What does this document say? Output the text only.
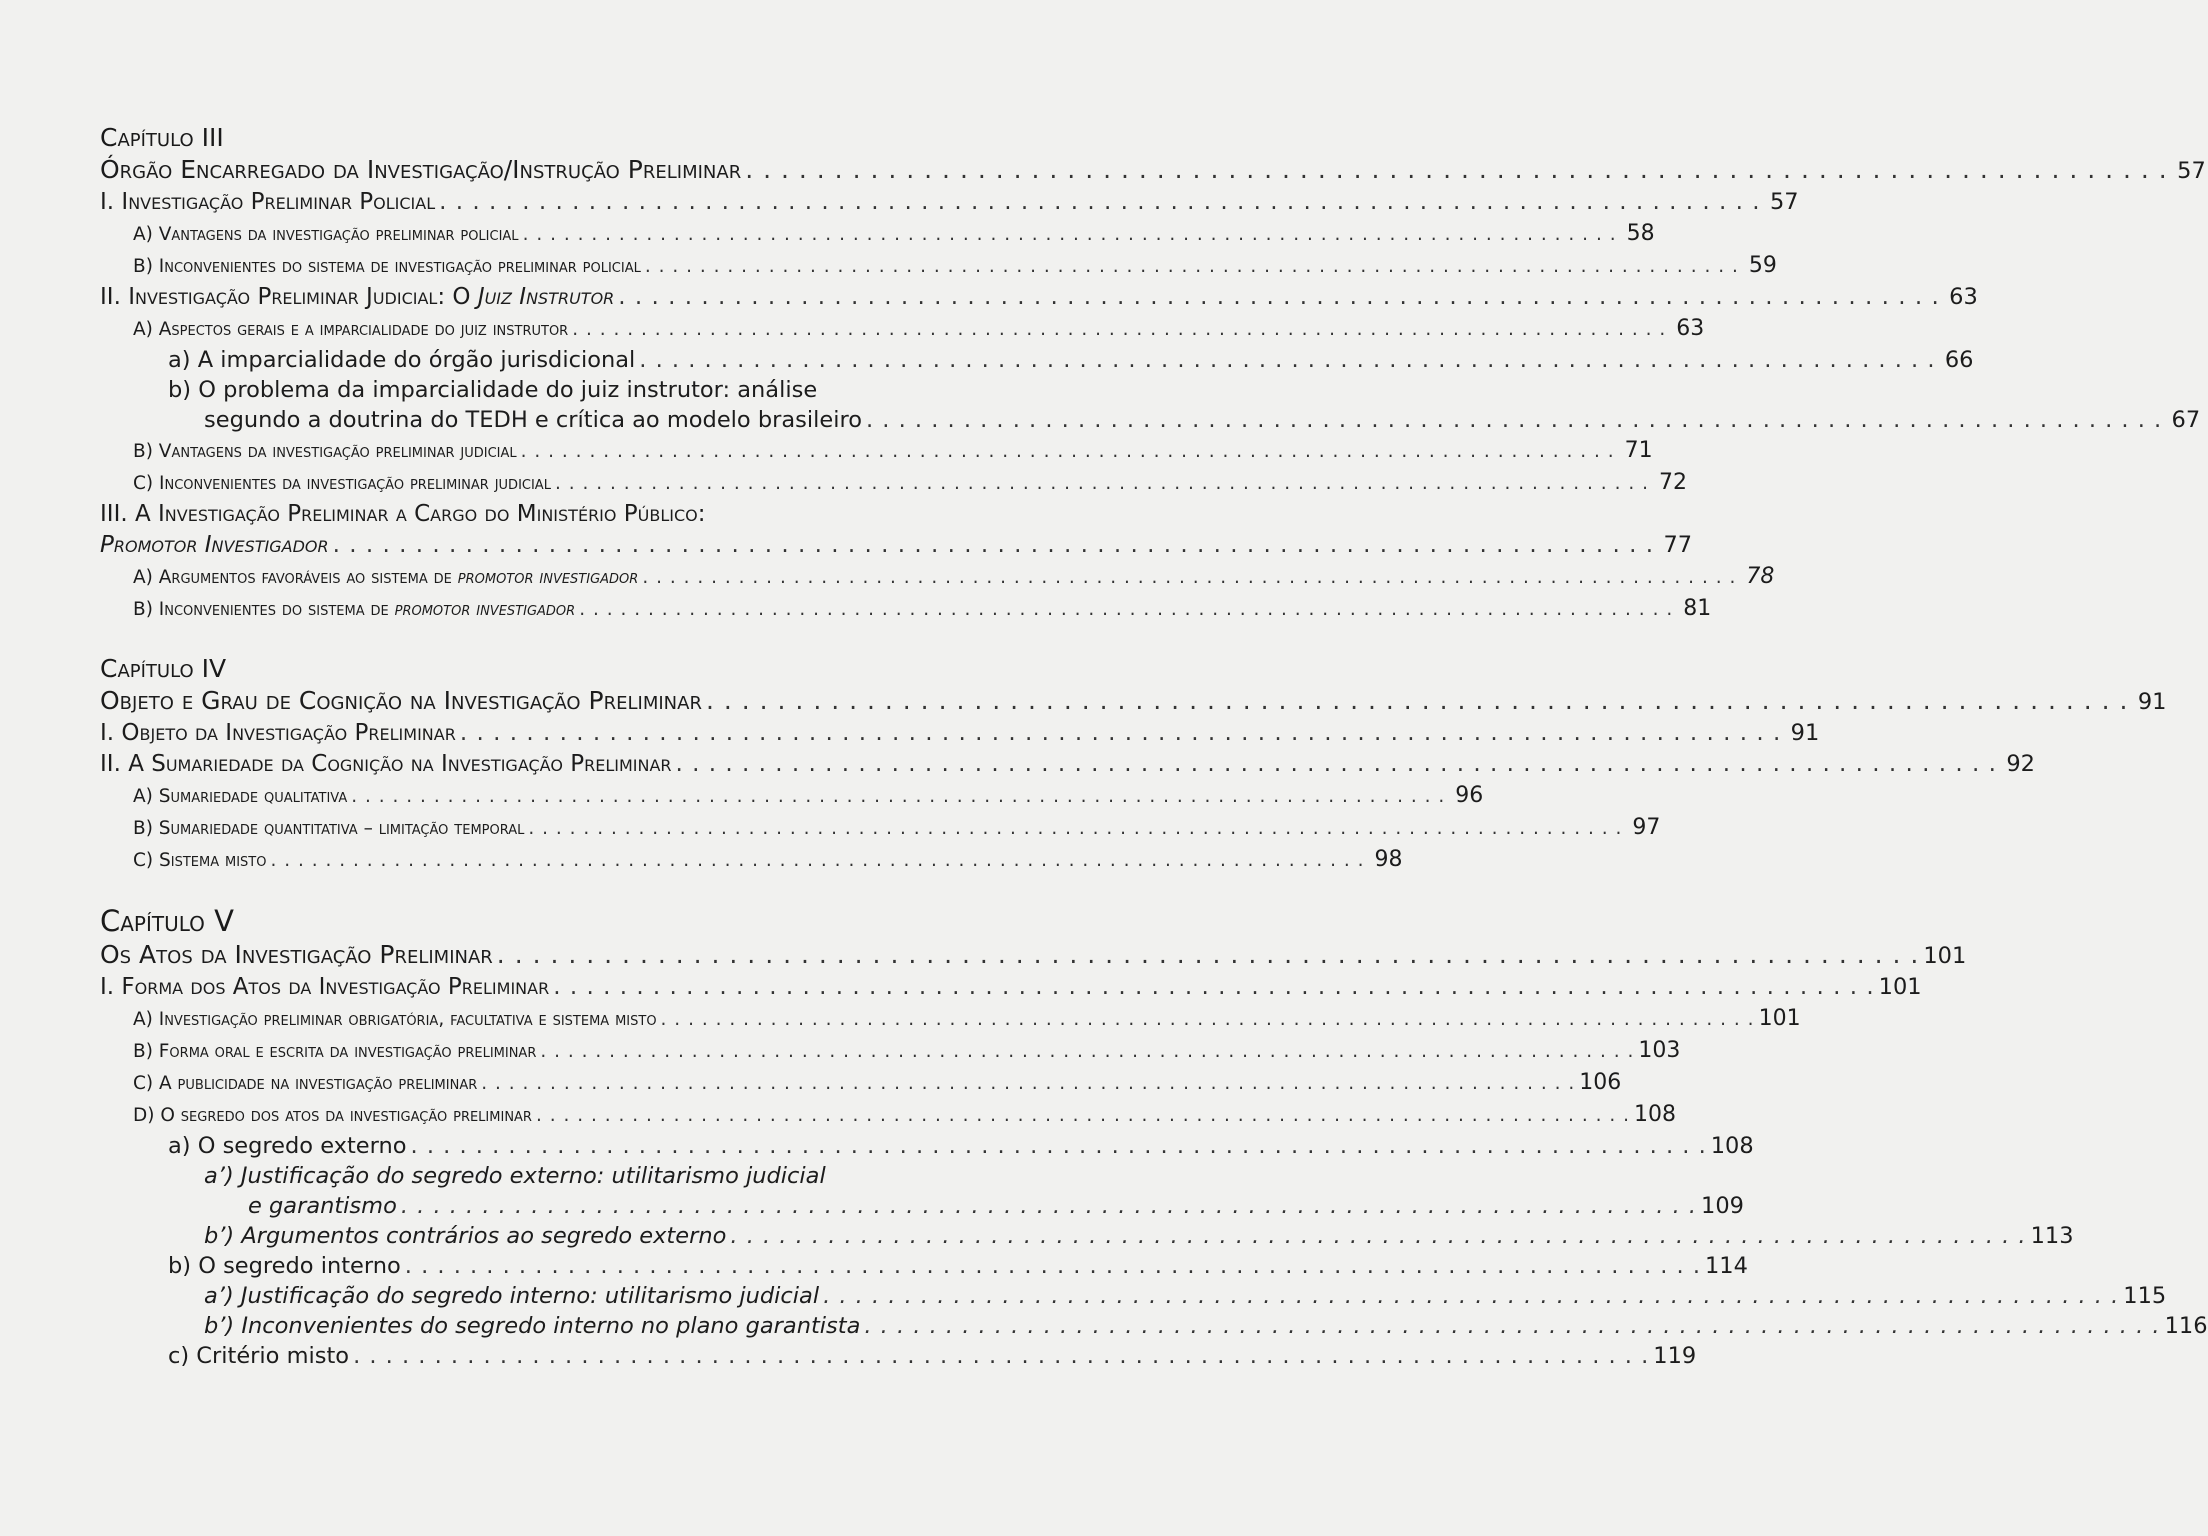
Capítulo III
Órgão Encarregado da Investigação/Instrução Preliminar . . .	57
I. Investigação Preliminar Policial . . .	57
A) Vantagens da investigação preliminar policial . . .	58
B) Inconvenientes do sistema de investigação preliminar policial . . .	59
II. Investigação Preliminar Judicial: O Juiz Instrutor . . .	63
A) Aspectos gerais e a imparcialidade do juiz instrutor . . .	63
a) A imparcialidade do órgão jurisdicional . . .	66
b) O problema da imparcialidade do juiz instrutor: análise
segundo a doutrina do TEDH e crítica ao modelo brasileiro . . .	67
B) Vantagens da investigação preliminar judicial . . .	71
C) Inconvenientes da investigação preliminar judicial . . .	72
III. A Investigação Preliminar a Cargo do Ministério Público:
Promotor Investigador . . .	77
A) Argumentos favoráveis ao sistema de promotor investigador . . .	78
B) Inconvenientes do sistema de promotor investigador . . .	81
Capítulo IV
Objeto e Grau de Cognição na Investigação Preliminar . . .	91
I. Objeto da Investigação Preliminar . . .	91
II. A Sumariedade da Cognição na Investigação Preliminar . . .	92
A) Sumariedade qualitativa . . .	96
B) Sumariedade quantitativa – limitação temporal . . .	97
C) Sistema misto . . .	98
Capítulo V
Os Atos da Investigação Preliminar . . .	101
I. Forma dos Atos da Investigação Preliminar . . .	101
A) Investigação preliminar obrigatória, facultativa e sistema misto . . .	101
B) Forma oral e escrita da investigação preliminar . . .	103
C) A publicidade na investigação preliminar . . .	106
D) O segredo dos atos da investigação preliminar . . .	108
a) O segredo externo . . .	108
a’) Justificação do segredo externo: utilitarismo judicial
e garantismo . . .	109
b’) Argumentos contrários ao segredo externo . . .	113
b) O segredo interno . . .	114
a’) Justificação do segredo interno: utilitarismo judicial . . .	115
b’) Inconvenientes do segredo interno no plano garantista . . .	116
c) Critério misto . . .	119
